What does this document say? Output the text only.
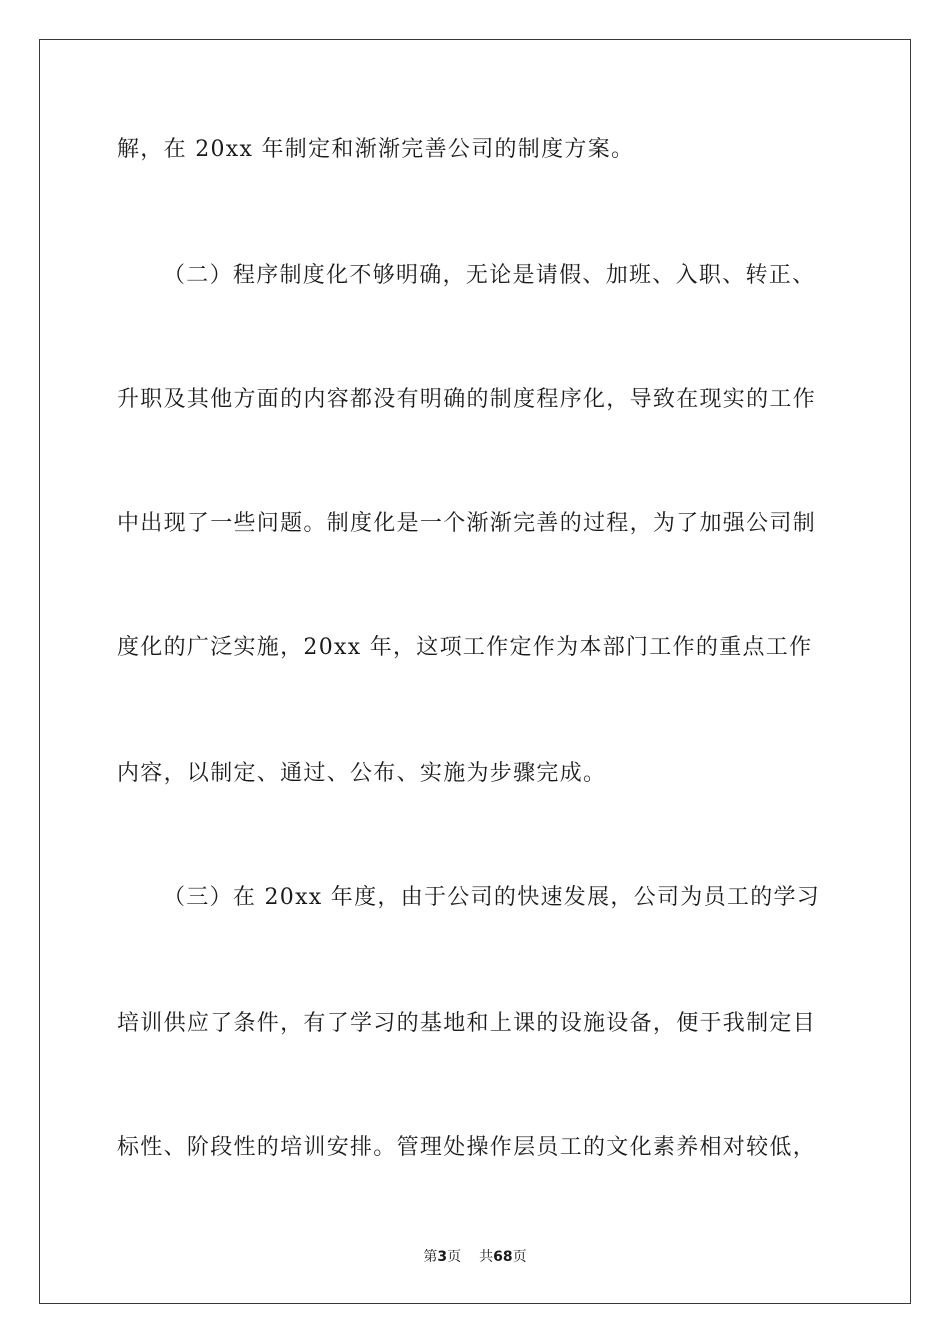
解，在 20xx 年制定和渐渐完善公司的制度方案。
（二）程序制度化不够明确，无论是请假、加班、入职、转正、
升职及其他方面的内容都没有明确的制度程序化，导致在现实的工作
中出现了一些问题。制度化是一个渐渐完善的过程，为了加强公司制
度化的广泛实施，20xx 年，这项工作定作为本部门工作的重点工作
内容，以制定、通过、公布、实施为步骤完成。
（三）在 20xx 年度，由于公司的快速发展，公司为员工的学习
培训供应了条件，有了学习的基地和上课的设施设备，便于我制定目
标性、阶段性的培训安排。管理处操作层员工的文化素养相对较低，
第3页 共68页
